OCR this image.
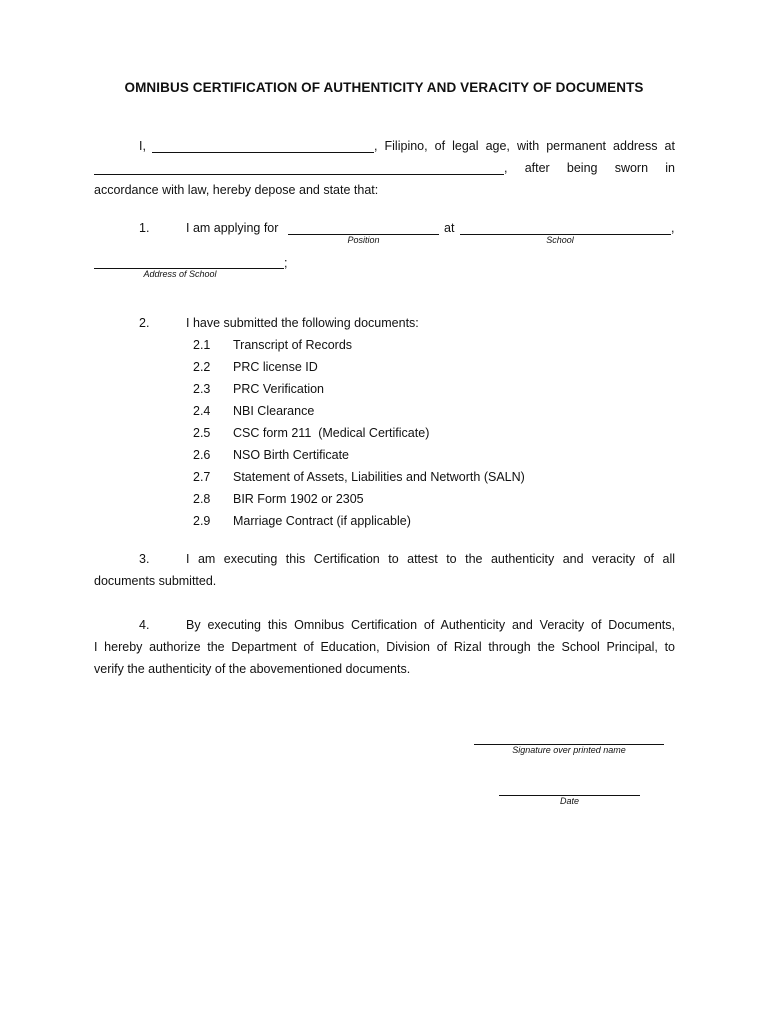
OMNIBUS CERTIFICATION OF AUTHENTICITY AND VERACITY OF DOCUMENTS
I,	, Filipino, of legal age, with permanent address at
, after being sworn in
accordance with law, hereby depose and state that:
1.	I am applying for
Position
at	,
School
;
Address of School
2.	I have submitted the following documents:
2.1 Transcript of Records
2.2 PRC license ID
2.3 PRC Verification
2.4 NBI Clearance
2.5 CSC form 211  (Medical Certificate)
2.6 NSO Birth Certificate
2.7 Statement of Assets, Liabilities and Networth (SALN)
2.8 BIR Form 1902 or 2305
2.9 Marriage Contract (if applicable)
3.	I am executing this Certification to attest to the authenticity and veracity of all
documents submitted.
4.	By executing this Omnibus Certification of Authenticity and Veracity of Documents,
I hereby authorize the Department of Education, Division of Rizal through the School Principal, to
verify the authenticity of the abovementioned documents.
Signature over printed name
Date
